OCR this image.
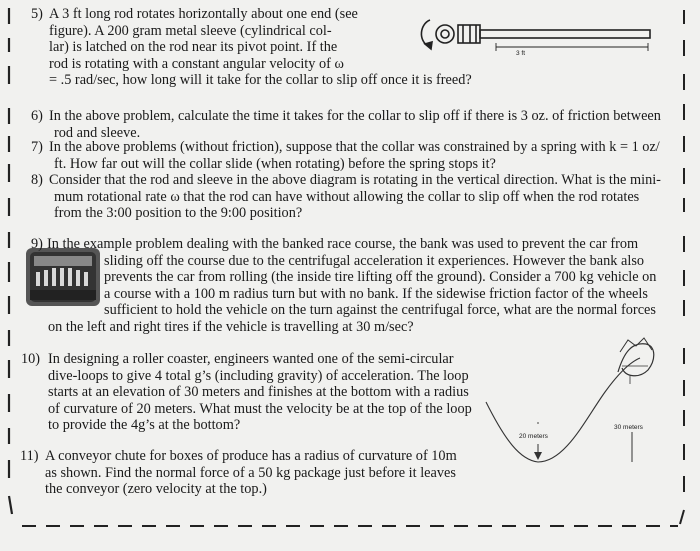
5) A 3 ft long rod rotates horizontally about one end (see
figure). A 200 gram metal sleeve (cylindrical col-
lar) is latched on the rod near its pivot point. If the
rod is rotating with a constant angular velocity of ω
= .5 rad/sec, how long will it take for the collar to slip off once it is freed?
3 ft
6) In the above problem, calculate the time it takes for the collar to slip off if there is 3 oz. of friction between
rod and sleeve.
7) In the above problems (without friction), suppose that the collar was constrained by a spring with k = 1 oz/
ft. How far out will the collar slide (when rotating) before the spring stops it?
8) Consider that the rod and sleeve in the above diagram is rotating in the vertical direction. What is the mini-
mum rotational rate ω that the rod can have without allowing the collar to slip off when the rod rotates
from the 3:00 position to the 9:00 position?
9) In the example problem dealing with the banked race course, the bank was used to prevent the car from
sliding off the course due to the centrifugal acceleration it experiences. However the bank also
prevents the car from rolling (the inside tire lifting off the ground). Consider a 700 kg vehicle on
a course with a 100 m radius turn but with no bank. If the sidewise friction factor of the wheels
sufficient to hold the vehicle on the turn against the centrifugal force, what are the normal forces
on the left and right tires if the vehicle is travelling at 30 m/sec?
10) In designing a roller coaster, engineers wanted one of the semi-circular
dive-loops to give 4 total g’s (including gravity) of acceleration. The loop
starts at an elevation of 30 meters and finishes at the bottom with a radius
of curvature of 20 meters. What must the velocity be at the top of the loop
to provide the 4g’s at the bottom?
20 meters
30 meters
11) A conveyor chute for boxes of produce has a radius of curvature of 10m
as shown. Find the normal force of a 50 kg package just before it leaves
the conveyor (zero velocity at the top.)
